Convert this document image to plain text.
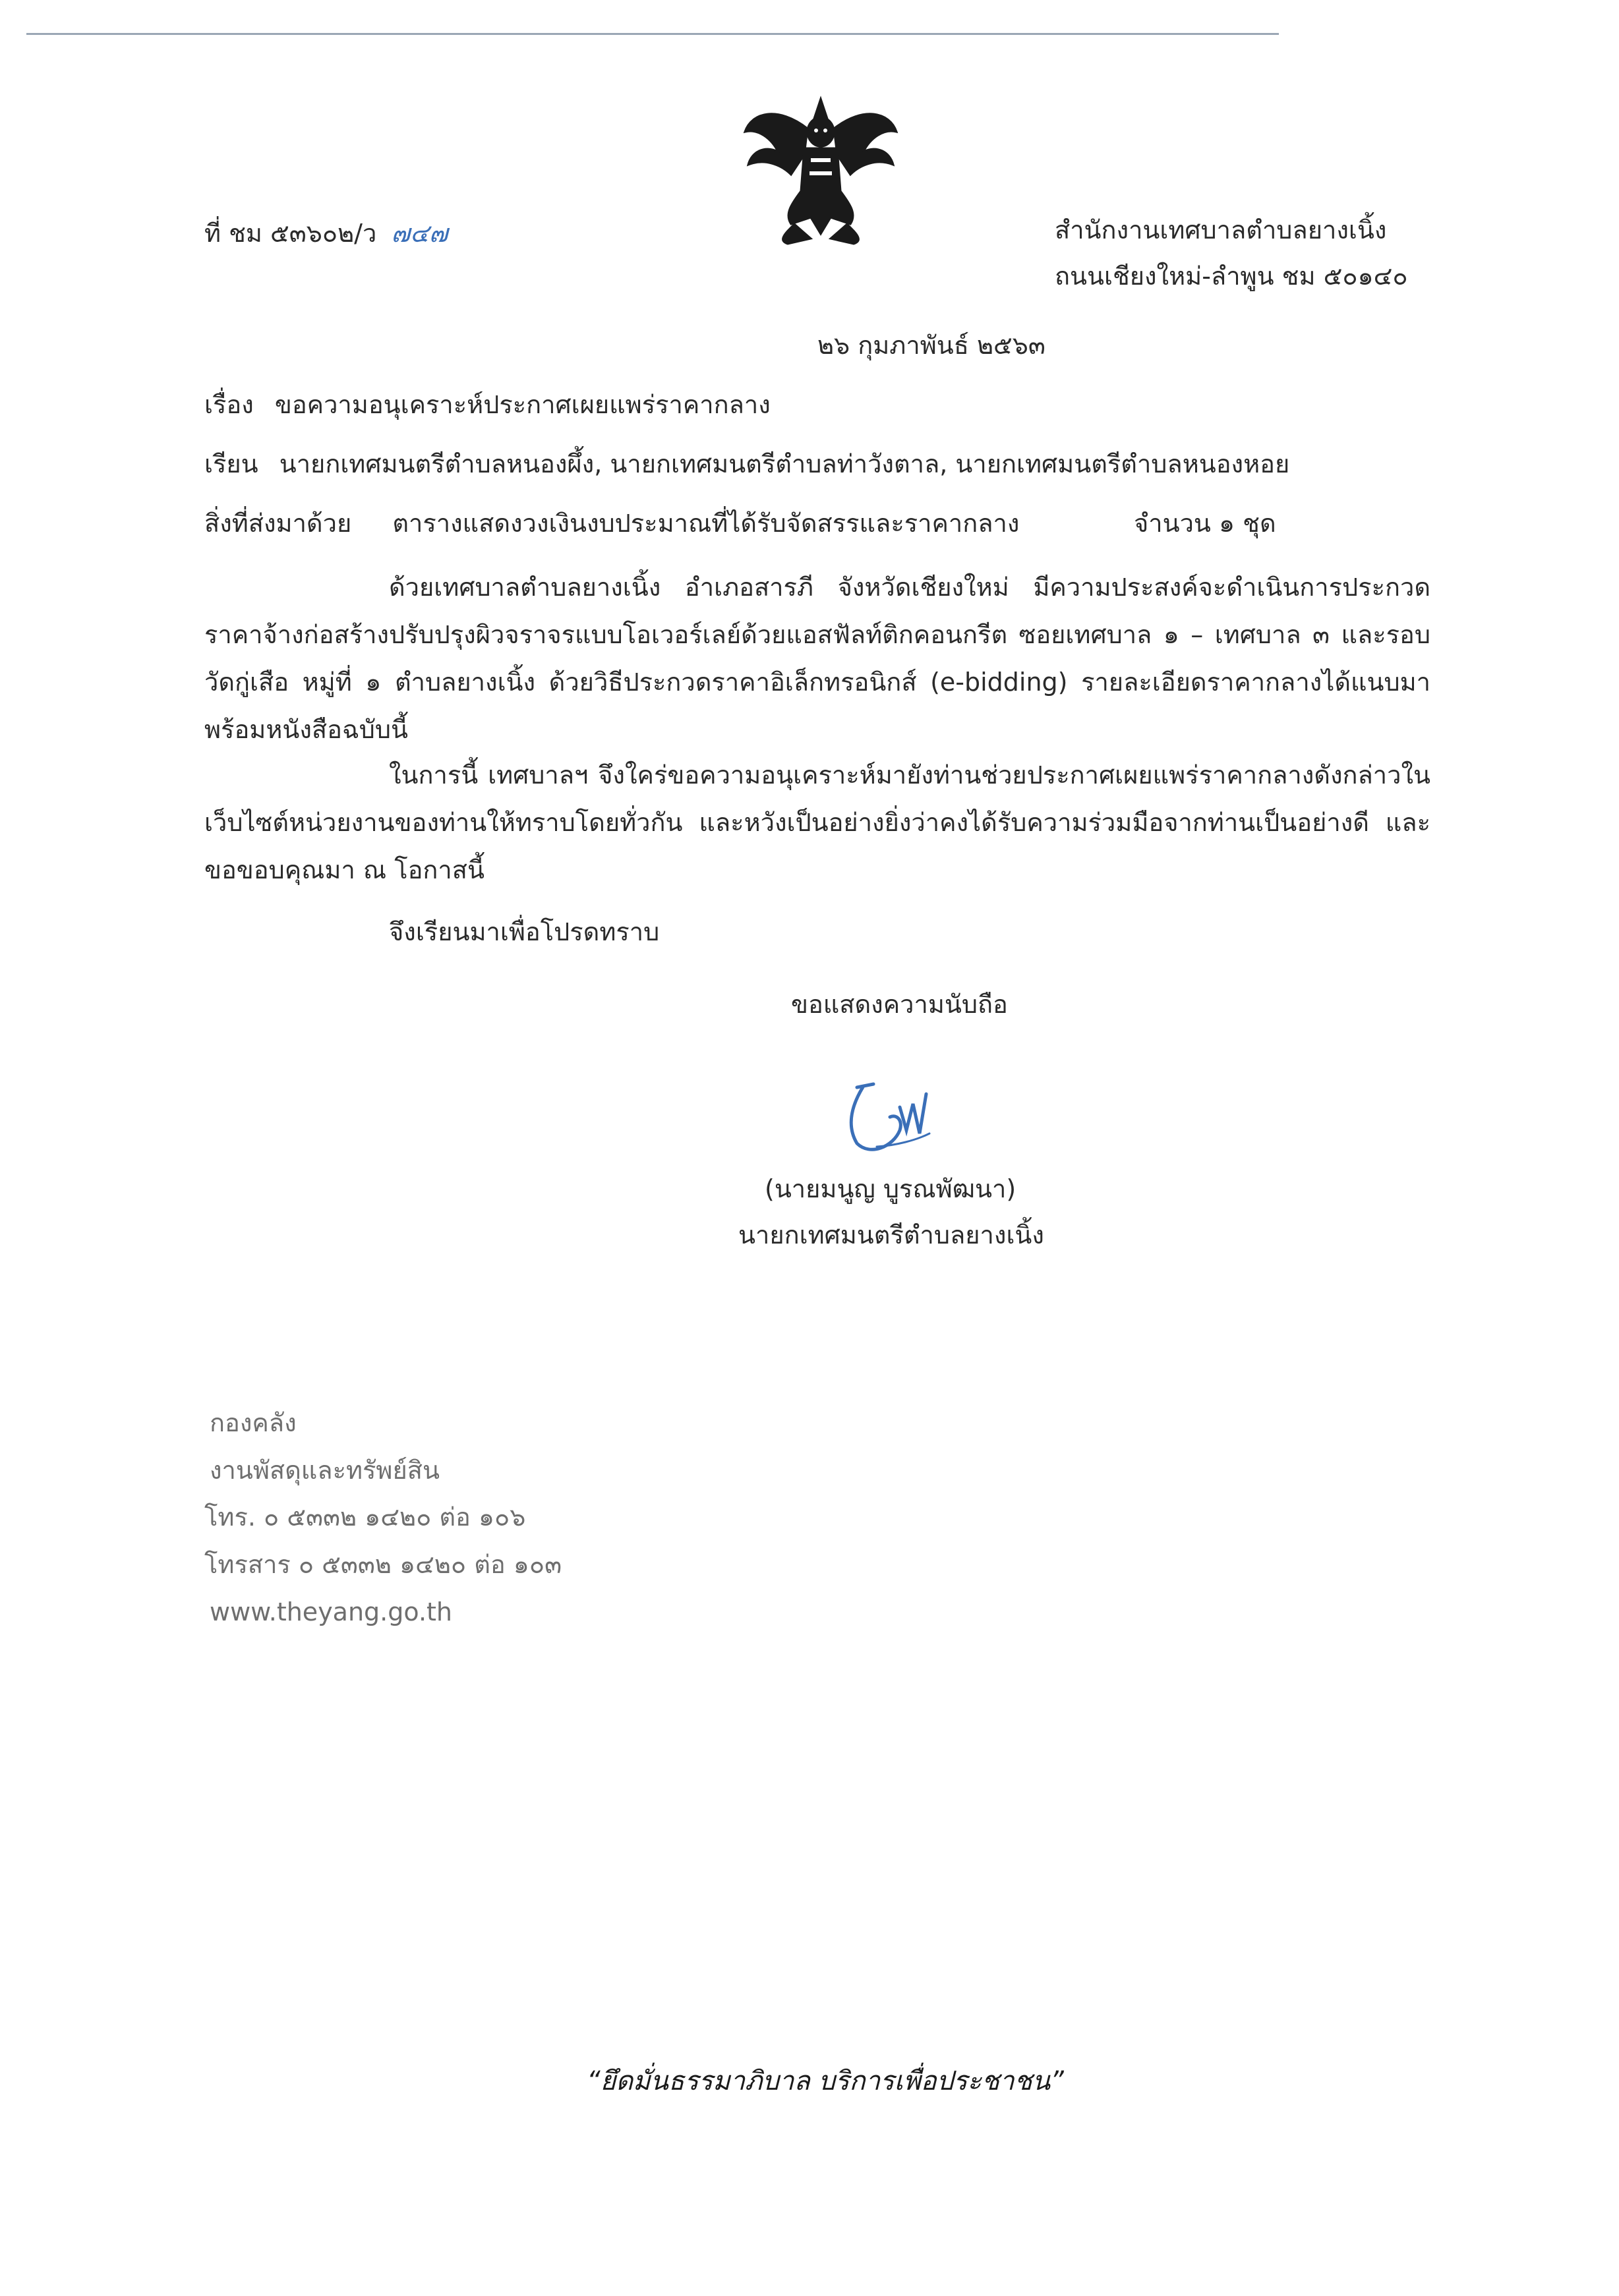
ที่ ชม ๕๓๖๐๒/ว ๗๔๗	สำนักงานเทศบาลตำบลยางเนิ้ง
ถนนเชียงใหม่-ลำพูน ชม ๕๐๑๔๐
๒๖ กุมภาพันธ์ ๒๕๖๓
เรื่อง ขอความอนุเคราะห์ประกาศเผยแพร่ราคากลาง
เรียน นายกเทศมนตรีตำบลหนองผึ้ง, นายกเทศมนตรีตำบลท่าวังตาล, นายกเทศมนตรีตำบลหนองหอย
สิ่งที่ส่งมาด้วย ตารางแสดงวงเงินงบประมาณที่ได้รับจัดสรรและราคากลาง	จำนวน ๑ ชุด
ด้วยเทศบาลตำบลยางเนิ้ง อำเภอสารภี จังหวัดเชียงใหม่ มีความประสงค์จะดำเนินการประกวดราคาจ้างก่อสร้างปรับปรุงผิวจราจรแบบโอเวอร์เลย์ด้วยแอสฟัลท์ติกคอนกรีต ซอยเทศบาล ๑ – เทศบาล ๓ และรอบวัดกู่เสือ หมู่ที่ ๑ ตำบลยางเนิ้ง ด้วยวิธีประกวดราคาอิเล็กทรอนิกส์ (e-bidding) รายละเอียดราคากลางได้แนบมาพร้อมหนังสือฉบับนี้
ในการนี้ เทศบาลฯ จึงใคร่ขอความอนุเคราะห์มายังท่านช่วยประกาศเผยแพร่ราคากลางดังกล่าวในเว็บไซต์หน่วยงานของท่านให้ทราบโดยทั่วกัน และหวังเป็นอย่างยิ่งว่าคงได้รับความร่วมมือจากท่านเป็นอย่างดี และขอขอบคุณมา ณ โอกาสนี้
จึงเรียนมาเพื่อโปรดทราบ
ขอแสดงความนับถือ
(นายมนูญ บูรณพัฒนา)
นายกเทศมนตรีตำบลยางเนิ้ง
กองคลัง
งานพัสดุและทรัพย์สิน
โทร. ๐ ๕๓๓๒ ๑๔๒๐ ต่อ ๑๐๖
โทรสาร ๐ ๕๓๓๒ ๑๔๒๐ ต่อ ๑๐๓
www.theyang.go.th
“ยึดมั่นธรรมาภิบาล บริการเพื่อประชาชน”
